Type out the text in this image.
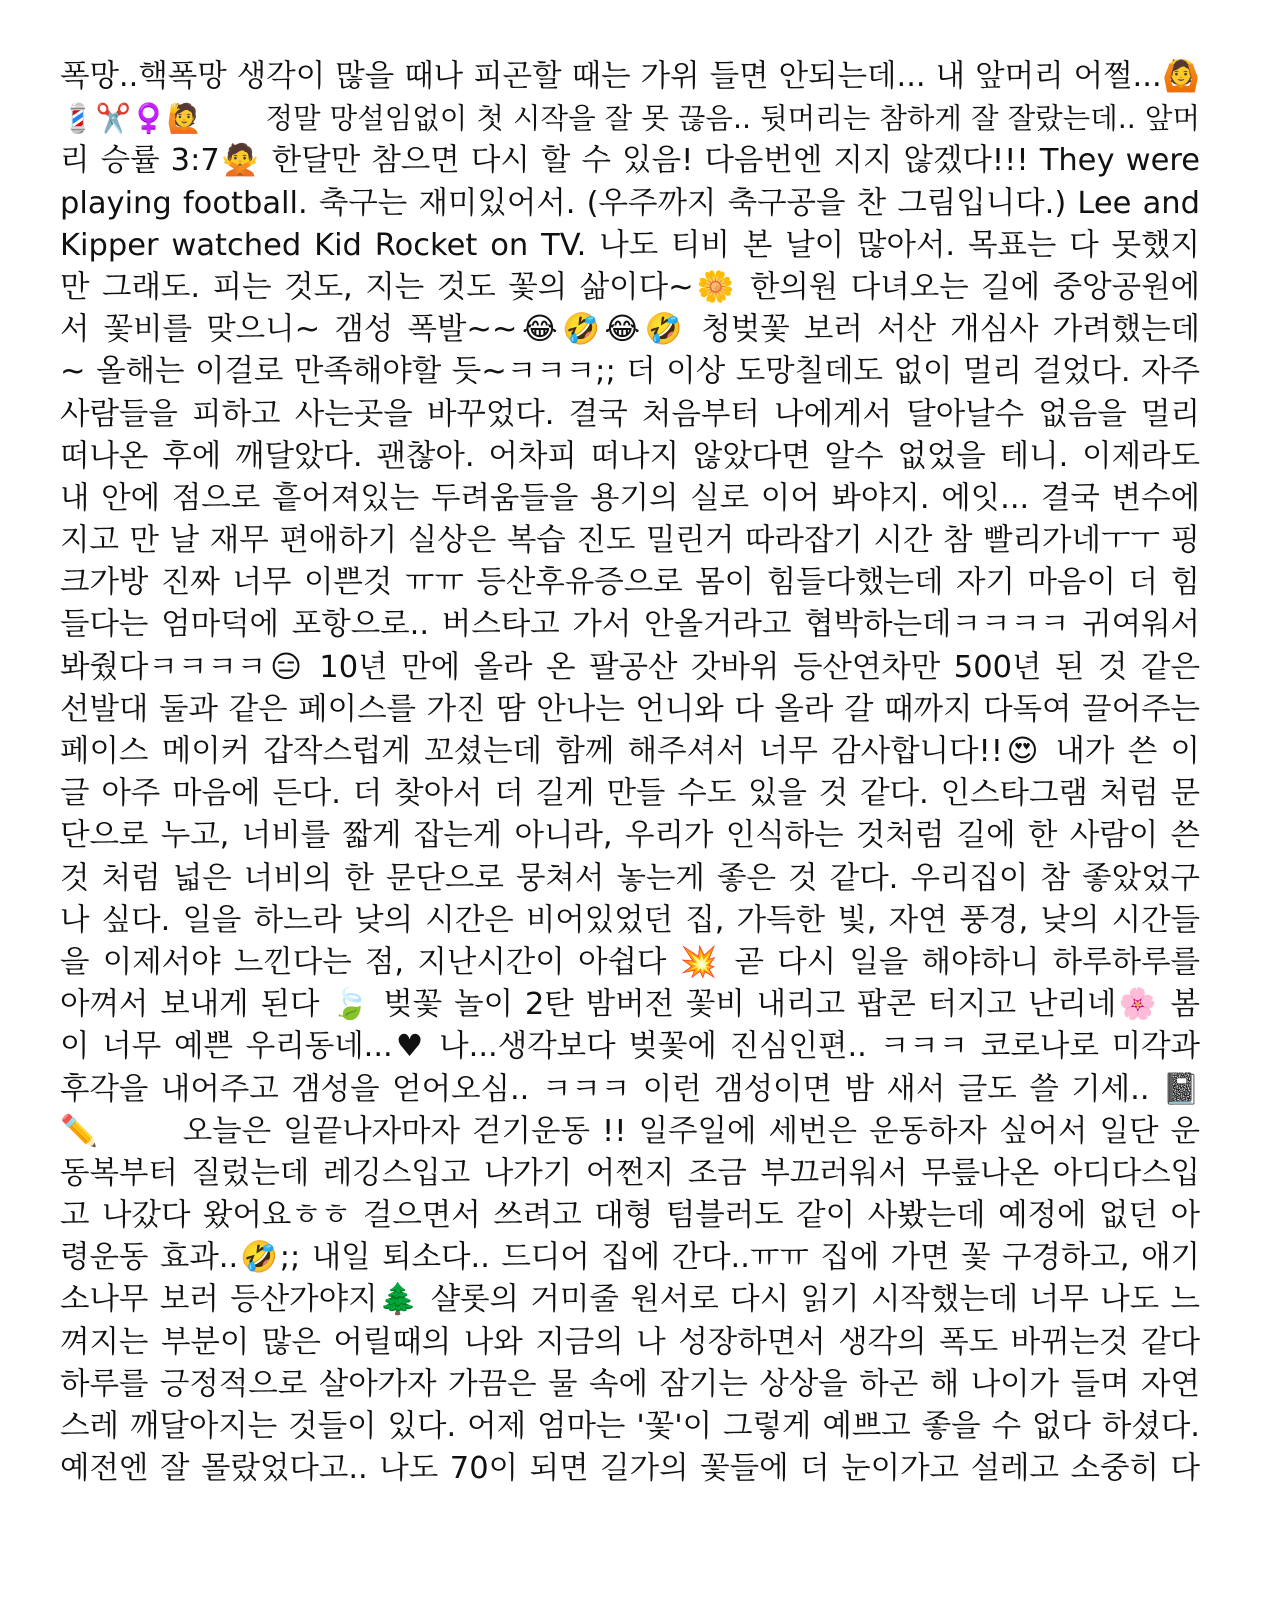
폭망..핵폭망 생각이 많을 때나 피곤할 때는 가위 들면 안되는데... 내 앞머리 어쩔...🙆
💈✂️♀️🙋       정말 망설임없이 첫 시작을 잘 못 끊음.. 뒷머리는 참하게 잘 잘랐는데.. 앞머
리 승률 3:7🙅 한달만 참으면 다시 할 수 있음! 다음번엔 지지 않겠다!!! They were
playing football. 축구는 재미있어서. (우주까지 축구공을 찬 그림입니다.) Lee and
Kipper watched Kid Rocket on TV. 나도 티비 본 날이 많아서. 목표는 다 못했지
만 그래도. 피는 것도, 지는 것도 꽃의 삶이다~🌼 한의원 다녀오는 길에 중앙공원에
서 꽃비를 맞으니~ 갬성 폭발~~😂🤣😂🤣 청벚꽃 보러 서산 개심사 가려했는데
~ 올해는 이걸로 만족해야할 듯~ㅋㅋㅋ;; 더 이상 도망칠데도 없이 멀리 걸었다. 자주
사람들을 피하고 사는곳을 바꾸었다. 결국 처음부터 나에게서 달아날수 없음을 멀리
떠나온 후에 깨달았다. 괜찮아. 어차피 떠나지 않았다면 알수 없었을 테니. 이제라도
내 안에 점으로 흩어져있는 두려움들을 용기의 실로 이어 봐야지. 에잇... 결국 변수에
지고 만 날 재무 편애하기 실상은 복습 진도 밀린거 따라잡기 시간 참 빨리가네ㅜㅜ 핑
크가방 진짜 너무 이쁜것 ㅠㅠ 등산후유증으로 몸이 힘들다했는데 자기 마음이 더 힘
들다는 엄마덕에 포항으로.. 버스타고 가서 안올거라고 협박하는데ㅋㅋㅋㅋ 귀여워서
봐줬다ㅋㅋㅋㅋ😑 10년 만에 올라 온 팔공산 갓바위 등산연차만 500년 된 것 같은
선발대 둘과 같은 페이스를 가진 땀 안나는 언니와 다 올라 갈 때까지 다독여 끌어주는
페이스 메이커 갑작스럽게 꼬셨는데 함께 해주셔서 너무 감사합니다!!😍 내가 쓴 이
글 아주 마음에 든다. 더 찾아서 더 길게 만들 수도 있을 것 같다. 인스타그램 처럼 문
단으로 누고, 너비를 짧게 잡는게 아니라, 우리가 인식하는 것처럼 길에 한 사람이 쓴
것 처럼 넓은 너비의 한 문단으로 뭉쳐서 놓는게 좋은 것 같다. 우리집이 참 좋았었구
나 싶다. 일을 하느라 낮의 시간은 비어있었던 집, 가득한 빛, 자연 풍경, 낮의 시간들
을 이제서야 느낀다는 점, 지난시간이 아쉽다 💥 곧 다시 일을 해야하니 하루하루를
아껴서 보내게 된다 🍃 벚꽃 놀이 2탄 밤버전 꽃비 내리고 팝콘 터지고 난리네🌸 봄
이 너무 예쁜 우리동네...♥ 나...생각보다 벚꽃에 진심인편.. ㅋㅋㅋ 코로나로 미각과
후각을 내어주고 갬성을 얻어오심.. ㅋㅋㅋ 이런 갬성이면 밤 새서 글도 쓸 기세.. 📓
✏️       오늘은 일끝나자마자 걷기운동 !! 일주일에 세번은 운동하자 싶어서 일단 운
동복부터 질렀는데 레깅스입고 나가기 어쩐지 조금 부끄러워서 무릎나온 아디다스입
고 나갔다 왔어요ㅎㅎ 걸으면서 쓰려고 대형 텀블러도 같이 사봤는데 예정에 없던 아
령운동 효과..🤣;; 내일 퇴소다.. 드디어 집에 간다..ㅠㅠ 집에 가면 꽃 구경하고, 애기
소나무 보러 등산가야지🌲 샬롯의 거미줄 원서로 다시 읽기 시작했는데 너무 나도 느
껴지는 부분이 많은 어릴때의 나와 지금의 나 성장하면서 생각의 폭도 바뀌는것 같다
하루를 긍정적으로 살아가자 가끔은 물 속에 잠기는 상상을 하곤 해 나이가 들며 자연
스레 깨달아지는 것들이 있다. 어제 엄마는 '꽃'이 그렇게 예쁘고 좋을 수 없다 하셨다.
예전엔 잘 몰랐었다고.. 나도 70이 되면 길가의 꽃들에 더 눈이가고 설레고 소중히 다
